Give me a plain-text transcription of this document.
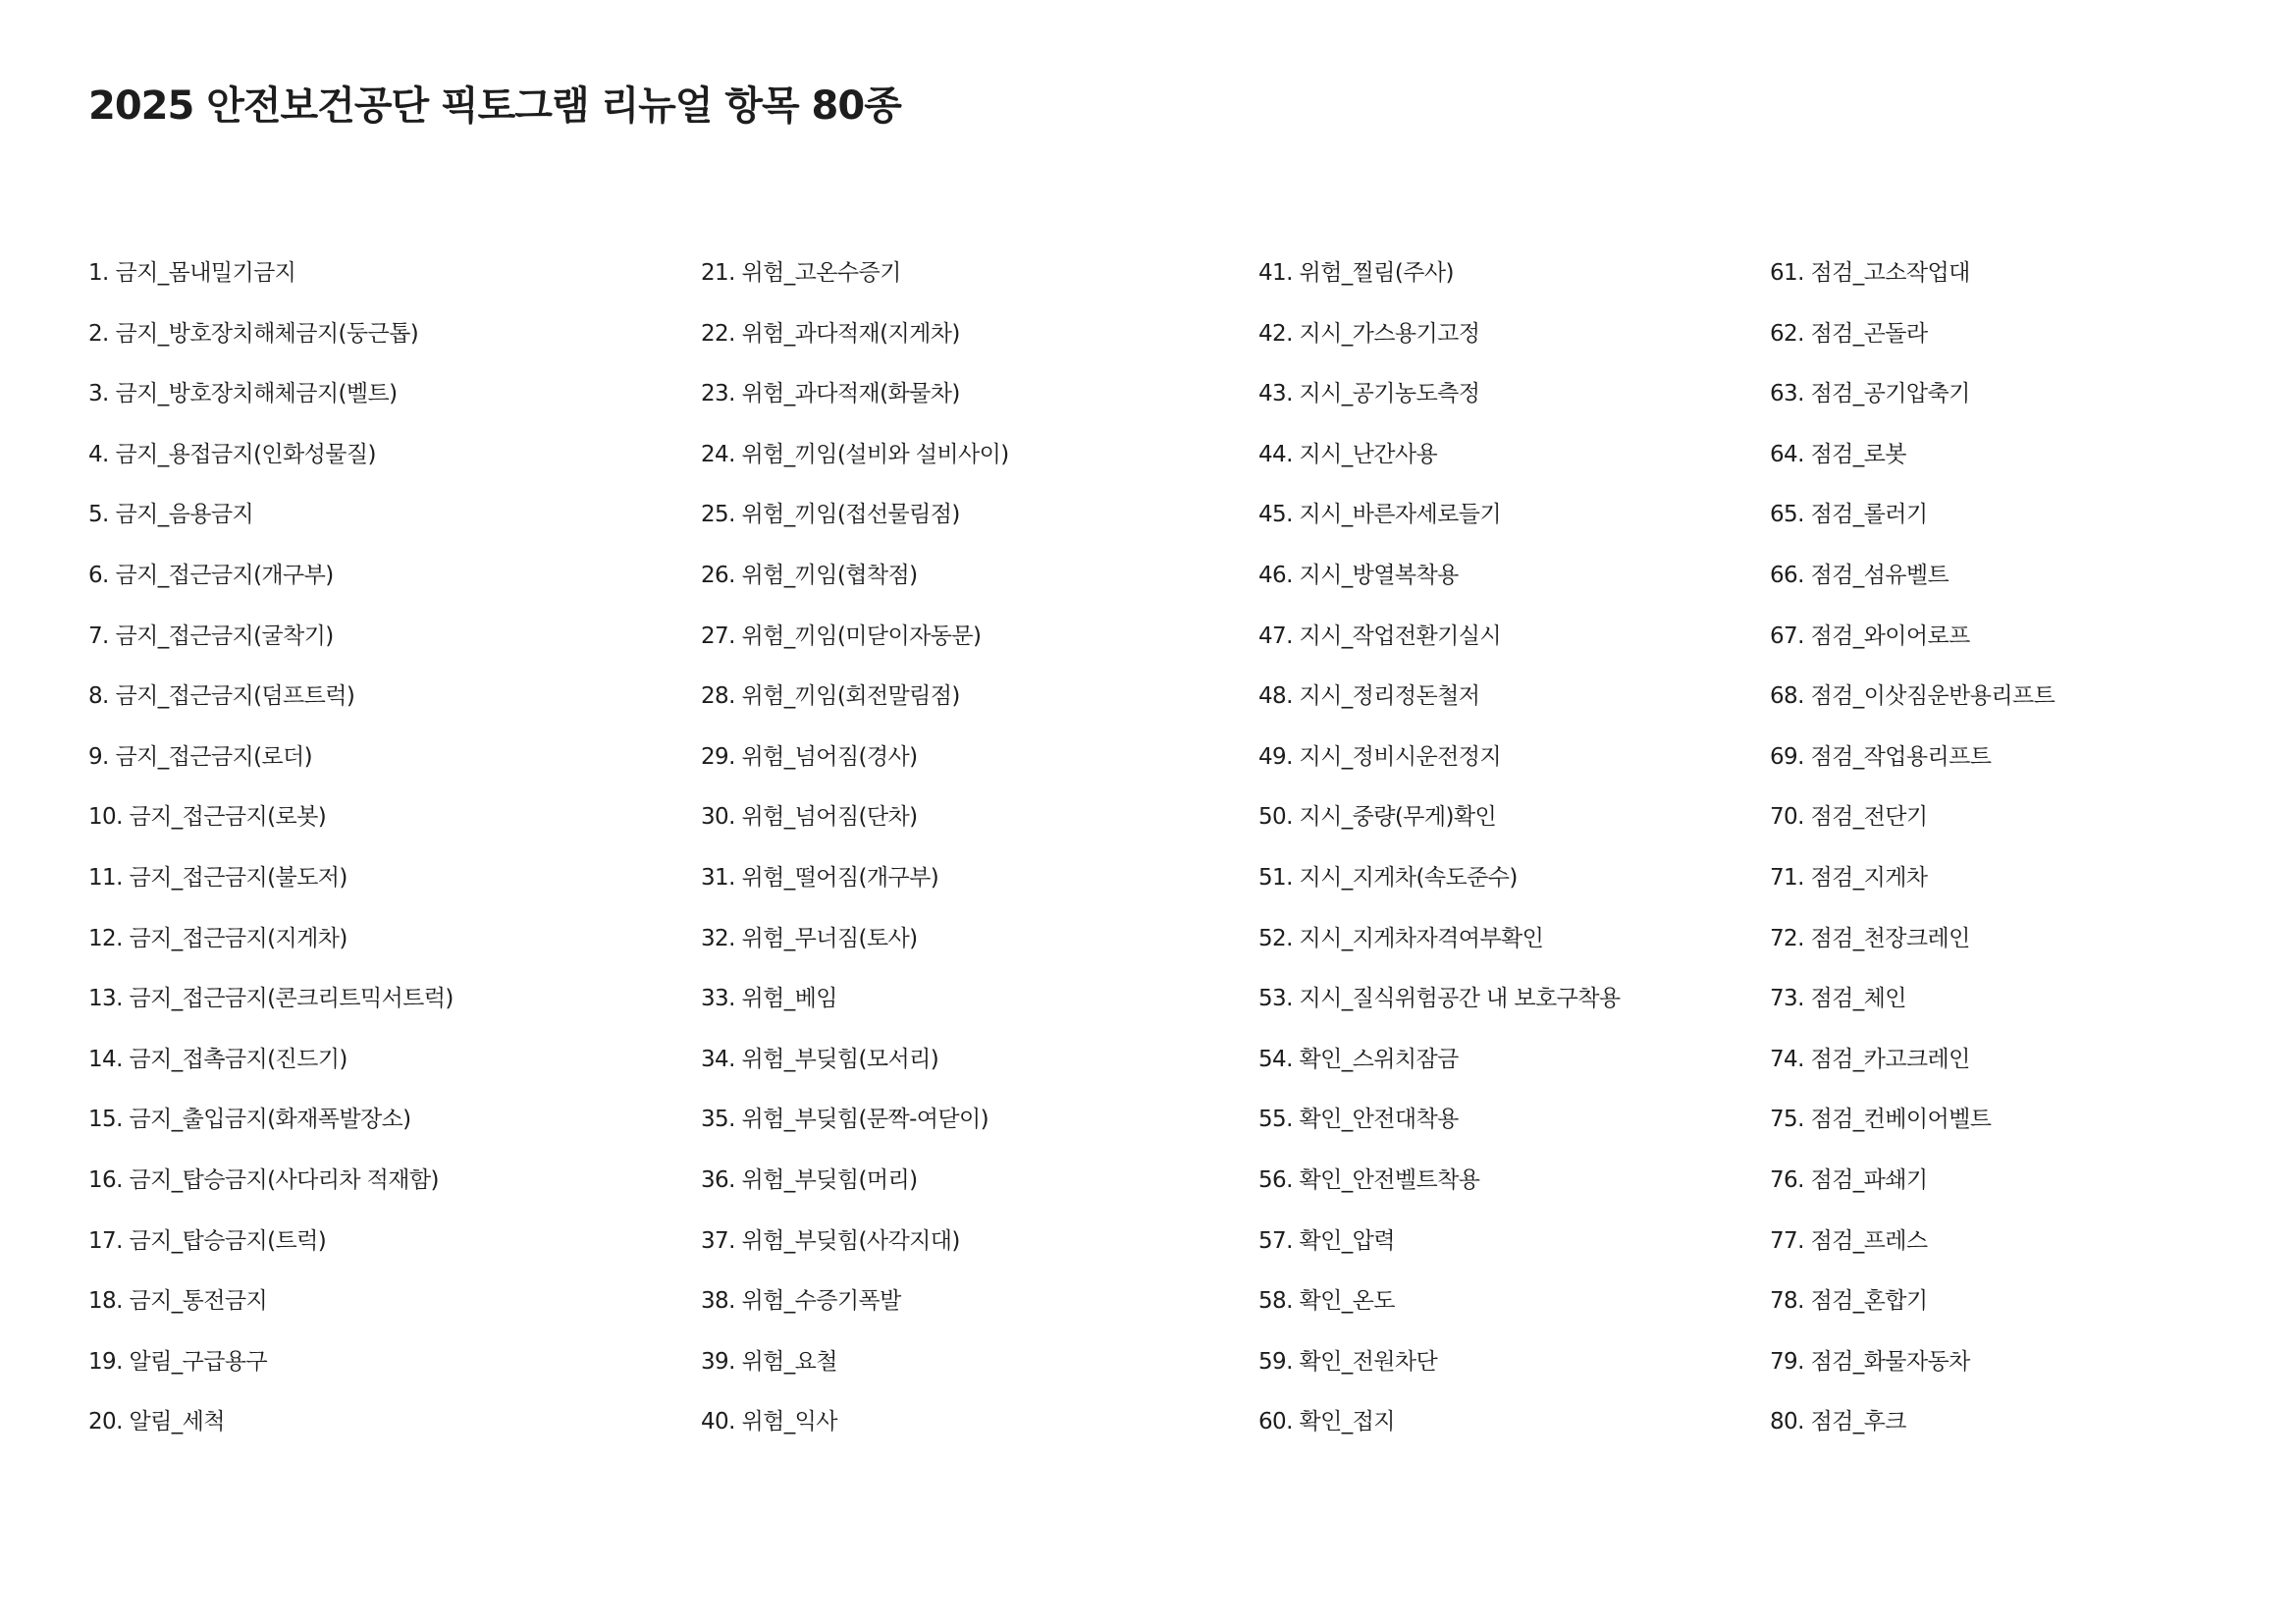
2025 안전보건공단 픽토그램 리뉴얼 항목 80종
1. 금지_몸내밀기금지
2. 금지_방호장치해체금지(둥근톱)
3. 금지_방호장치해체금지(벨트)
4. 금지_용접금지(인화성물질)
5. 금지_음용금지
6. 금지_접근금지(개구부)
7. 금지_접근금지(굴착기)
8. 금지_접근금지(덤프트럭)
9. 금지_접근금지(로더)
10. 금지_접근금지(로봇)
11. 금지_접근금지(불도저)
12. 금지_접근금지(지게차)
13. 금지_접근금지(콘크리트믹서트럭)
14. 금지_접촉금지(진드기)
15. 금지_출입금지(화재폭발장소)
16. 금지_탑승금지(사다리차 적재함)
17. 금지_탑승금지(트럭)
18. 금지_통전금지
19. 알림_구급용구
20. 알림_세척
21. 위험_고온수증기
22. 위험_과다적재(지게차)
23. 위험_과다적재(화물차)
24. 위험_끼임(설비와 설비사이)
25. 위험_끼임(접선물림점)
26. 위험_끼임(협착점)
27. 위험_끼임(미닫이자동문)
28. 위험_끼임(회전말림점)
29. 위험_넘어짐(경사)
30. 위험_넘어짐(단차)
31. 위험_떨어짐(개구부)
32. 위험_무너짐(토사)
33. 위험_베임
34. 위험_부딪힘(모서리)
35. 위험_부딪힘(문짝-여닫이)
36. 위험_부딪힘(머리)
37. 위험_부딪힘(사각지대)
38. 위험_수증기폭발
39. 위험_요철
40. 위험_익사
41. 위험_찔림(주사)
42. 지시_가스용기고정
43. 지시_공기농도측정
44. 지시_난간사용
45. 지시_바른자세로들기
46. 지시_방열복착용
47. 지시_작업전환기실시
48. 지시_정리정돈철저
49. 지시_정비시운전정지
50. 지시_중량(무게)확인
51. 지시_지게차(속도준수)
52. 지시_지게차자격여부확인
53. 지시_질식위험공간 내 보호구착용
54. 확인_스위치잠금
55. 확인_안전대착용
56. 확인_안전벨트착용
57. 확인_압력
58. 확인_온도
59. 확인_전원차단
60. 확인_접지
61. 점검_고소작업대
62. 점검_곤돌라
63. 점검_공기압축기
64. 점검_로봇
65. 점검_롤러기
66. 점검_섬유벨트
67. 점검_와이어로프
68. 점검_이삿짐운반용리프트
69. 점검_작업용리프트
70. 점검_전단기
71. 점검_지게차
72. 점검_천장크레인
73. 점검_체인
74. 점검_카고크레인
75. 점검_컨베이어벨트
76. 점검_파쇄기
77. 점검_프레스
78. 점검_혼합기
79. 점검_화물자동차
80. 점검_후크
